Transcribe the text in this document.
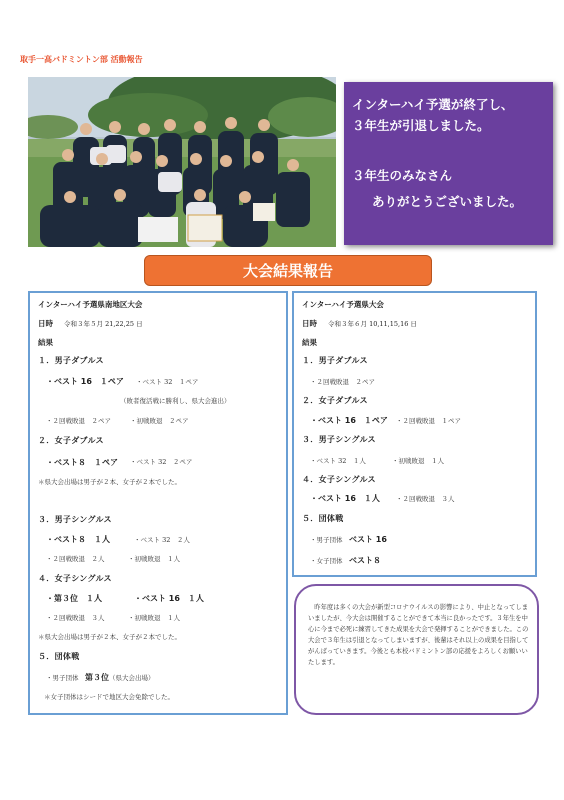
取手一高バドミントン部 活動報告
インターハイ予選が終了し、
３年生が引退しました。
３年生のみなさん
ありがとうございました。
大会結果報告
インターハイ予選県南地区大会
日時 令和３年５月 21,22,25 日
結果
１．男子ダブルス
・ベスト 16　１ペア ・ベスト 32　１ペア
（敗者復活戦に勝利し、県大会進出）
・２回戦敗退　２ペア	・初戦敗退　２ペア
２．女子ダブルス
・ベスト８　１ペア ・ベスト 32　２ペア
＊県大会出場は男子が２本、女子が２本でした。
３．男子シングルス
・ベスト８　１人	・ベスト 32　２人
・２回戦敗退　２人	・初戦敗退　１人
４．女子シングルス
・第３位　１人	・ベスト 16　１人
・２回戦敗退　３人	・初戦敗退　１人
＊県大会出場は男子が２本、女子が２本でした。
５．団体戦
・男子団体　 第３位（県大会出場）
＊女子団体はシードで地区大会免除でした。
インターハイ予選県大会
日時 令和３年６月 10,11,15,16 日
結果
１．男子ダブルス
・２回戦敗退　２ペア
２．女子ダブルス
・ベスト 16　１ペア ・２回戦敗退　１ペア
３．男子シングルス
・ベスト 32　１人	・初戦敗退　１人
４．女子シングルス
・ベスト 16　１人 ・２回戦敗退　３人
５．団体戦
・男子団体　 ベスト 16
・女子団体　 ベスト８

　昨年度は多くの大会が新型コロナウイルスの影響により、中止となってしまいましたが、今大会は開催することができて本当に良かったです。３年生を中心に今まで必死に練習してきた成果を大会で発揮することができました。この大会で３年生は引退となってしまいますが、後輩はそれ以上の成果を目指してがんばっていきます。今後とも本校バドミントン部の応援をよろしくお願いいたします。
